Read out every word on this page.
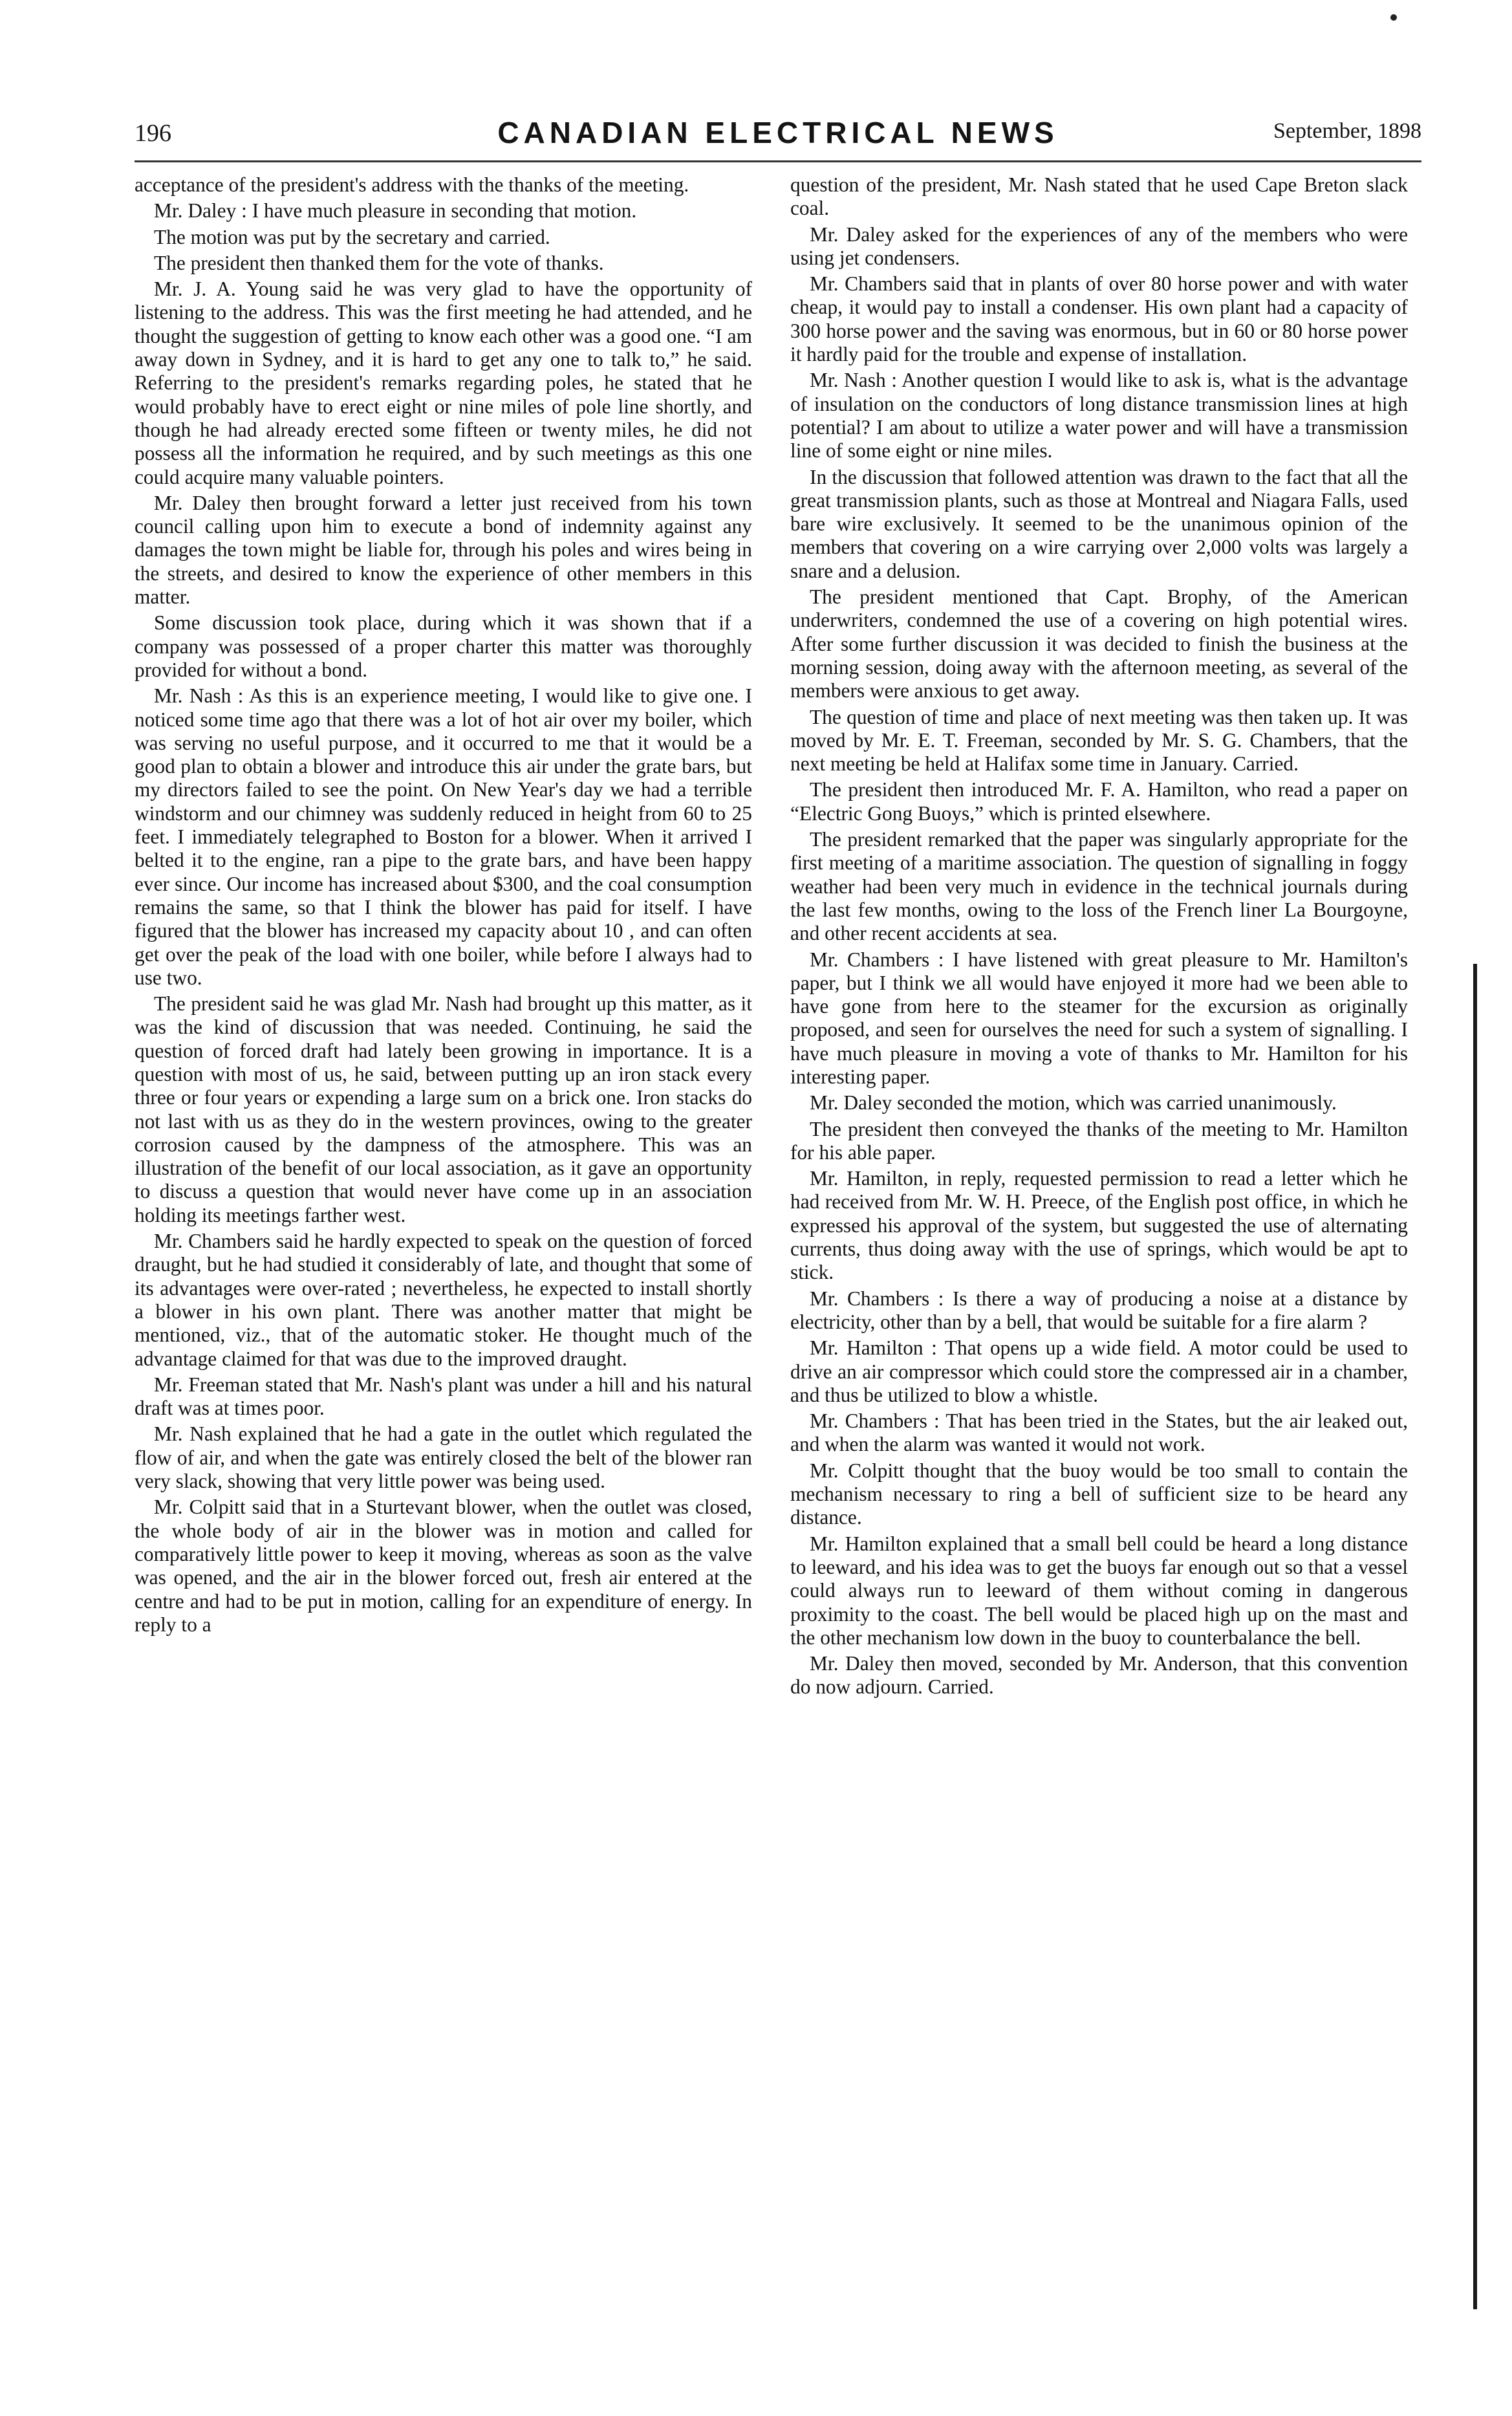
196	CANADIAN ELECTRICAL NEWS	September, 1898

acceptance of the president's address with the thanks of the meeting.

Mr. Daley : I have much pleasure in seconding that motion.

The motion was put by the secretary and carried.

The president then thanked them for the vote of thanks.

Mr. J. A. Young said he was very glad to have the opportunity of listening to the address. This was the first meeting he had attended, and he thought the suggestion of getting to know each other was a good one. “I am away down in Sydney, and it is hard to get any one to talk to,” he said. Referring to the president's remarks regarding poles, he stated that he would probably have to erect eight or nine miles of pole line shortly, and though he had already erected some fifteen or twenty miles, he did not possess all the information he required, and by such meetings as this one could acquire many valuable pointers.

Mr. Daley then brought forward a letter just received from his town council calling upon him to execute a bond of indemnity against any damages the town might be liable for, through his poles and wires being in the streets, and desired to know the experience of other members in this matter.

Some discussion took place, during which it was shown that if a company was possessed of a proper charter this matter was thoroughly provided for without a bond.

Mr. Nash : As this is an experience meeting, I would like to give one. I noticed some time ago that there was a lot of hot air over my boiler, which was serving no useful purpose, and it occurred to me that it would be a good plan to obtain a blower and introduce this air under the grate bars, but my directors failed to see the point. On New Year's day we had a terrible windstorm and our chimney was suddenly reduced in height from 60 to 25 feet. I immediately telegraphed to Boston for a blower. When it arrived I belted it to the engine, ran a pipe to the grate bars, and have been happy ever since. Our income has increased about $300, and the coal consumption remains the same, so that I think the blower has paid for itself. I have figured that the blower has increased my capacity about 10 , and can often get over the peak of the load with one boiler, while before I always had to use two.

The president said he was glad Mr. Nash had brought up this matter, as it was the kind of discussion that was needed. Continuing, he said the question of forced draft had lately been growing in importance. It is a question with most of us, he said, between putting up an iron stack every three or four years or expending a large sum on a brick one. Iron stacks do not last with us as they do in the western provinces, owing to the greater corrosion caused by the dampness of the atmosphere. This was an illustration of the benefit of our local association, as it gave an opportunity to discuss a question that would never have come up in an association holding its meetings farther west.

Mr. Chambers said he hardly expected to speak on the question of forced draught, but he had studied it considerably of late, and thought that some of its advantages were over-rated ; nevertheless, he expected to install shortly a blower in his own plant. There was another matter that might be mentioned, viz., that of the automatic stoker. He thought much of the advantage claimed for that was due to the improved draught.

Mr. Freeman stated that Mr. Nash's plant was under a hill and his natural draft was at times poor.

Mr. Nash explained that he had a gate in the outlet which regulated the flow of air, and when the gate was entirely closed the belt of the blower ran very slack, showing that very little power was being used.

Mr. Colpitt said that in a Sturtevant blower, when the outlet was closed, the whole body of air in the blower was in motion and called for comparatively little power to keep it moving, whereas as soon as the valve was opened, and the air in the blower forced out, fresh air entered at the centre and had to be put in motion, calling for an expenditure of energy. In reply to a

question of the president, Mr. Nash stated that he used Cape Breton slack coal.

Mr. Daley asked for the experiences of any of the members who were using jet condensers.

Mr. Chambers said that in plants of over 80 horse power and with water cheap, it would pay to install a condenser. His own plant had a capacity of 300 horse power and the saving was enormous, but in 60 or 80 horse power it hardly paid for the trouble and expense of installation.

Mr. Nash : Another question I would like to ask is, what is the advantage of insulation on the conductors of long distance transmission lines at high potential? I am about to utilize a water power and will have a transmission line of some eight or nine miles.

In the discussion that followed attention was drawn to the fact that all the great transmission plants, such as those at Montreal and Niagara Falls, used bare wire exclusively. It seemed to be the unanimous opinion of the members that covering on a wire carrying over 2,000 volts was largely a snare and a delusion.

The president mentioned that Capt. Brophy, of the American underwriters, condemned the use of a covering on high potential wires. After some further discussion it was decided to finish the business at the morning session, doing away with the afternoon meeting, as several of the members were anxious to get away.

The question of time and place of next meeting was then taken up. It was moved by Mr. E. T. Freeman, seconded by Mr. S. G. Chambers, that the next meeting be held at Halifax some time in January. Carried.

The president then introduced Mr. F. A. Hamilton, who read a paper on “Electric Gong Buoys,” which is printed elsewhere.

The president remarked that the paper was singularly appropriate for the first meeting of a maritime association. The question of signalling in foggy weather had been very much in evidence in the technical journals during the last few months, owing to the loss of the French liner La Bourgoyne, and other recent accidents at sea.

Mr. Chambers : I have listened with great pleasure to Mr. Hamilton's paper, but I think we all would have enjoyed it more had we been able to have gone from here to the steamer for the excursion as originally proposed, and seen for ourselves the need for such a system of signalling. I have much pleasure in moving a vote of thanks to Mr. Hamilton for his interesting paper.

Mr. Daley seconded the motion, which was carried unanimously.

The president then conveyed the thanks of the meeting to Mr. Hamilton for his able paper.

Mr. Hamilton, in reply, requested permission to read a letter which he had received from Mr. W. H. Preece, of the English post office, in which he expressed his approval of the system, but suggested the use of alternating currents, thus doing away with the use of springs, which would be apt to stick.

Mr. Chambers : Is there a way of producing a noise at a distance by electricity, other than by a bell, that would be suitable for a fire alarm ?

Mr. Hamilton : That opens up a wide field. A motor could be used to drive an air compressor which could store the compressed air in a chamber, and thus be utilized to blow a whistle.

Mr. Chambers : That has been tried in the States, but the air leaked out, and when the alarm was wanted it would not work.

Mr. Colpitt thought that the buoy would be too small to contain the mechanism necessary to ring a bell of sufficient size to be heard any distance.

Mr. Hamilton explained that a small bell could be heard a long distance to leeward, and his idea was to get the buoys far enough out so that a vessel could always run to leeward of them without coming in dangerous proximity to the coast. The bell would be placed high up on the mast and the other mechanism low down in the buoy to counterbalance the bell.

Mr. Daley then moved, seconded by Mr. Anderson, that this convention do now adjourn. Carried.
